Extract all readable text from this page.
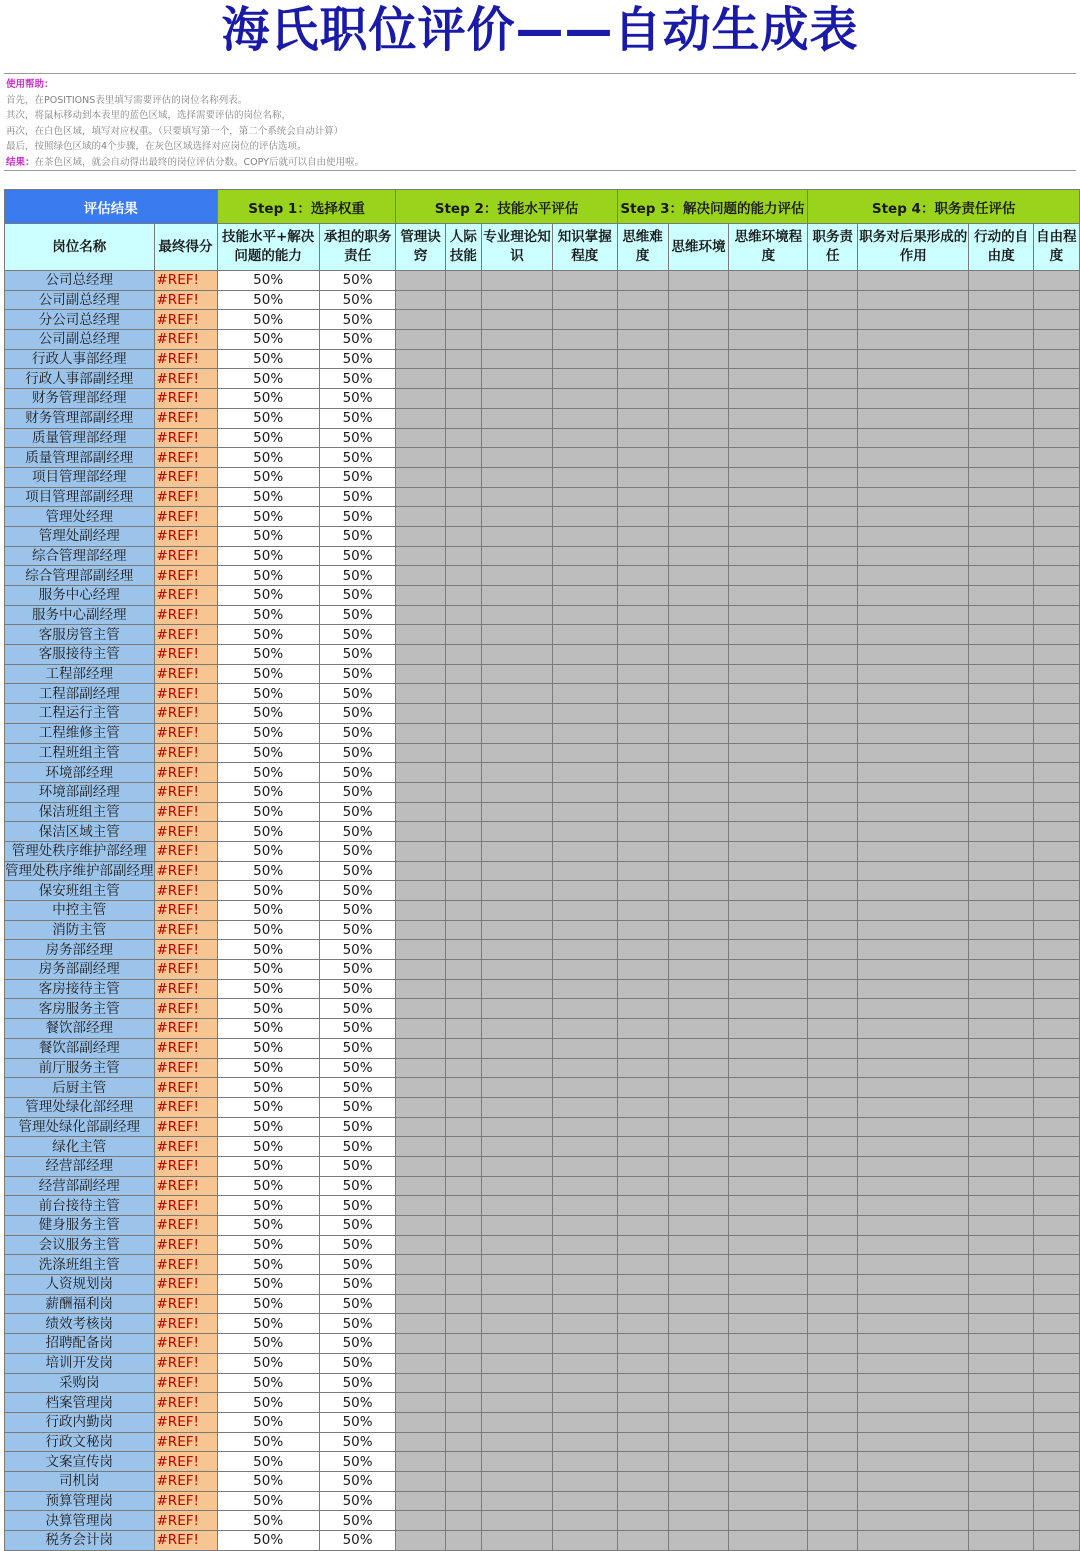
海氏职位评价——自动生成表
使用帮助：
首先，在POSITIONS表里填写需要评估的岗位名称列表。
其次，将鼠标移动到本表里的蓝色区域，选择需要评估的岗位名称，
再次，在白色区域，填写对应权重。（只要填写第一个，第二个系统会自动计算）
最后，按照绿色区域的4个步骤，在灰色区域选择对应岗位的评估选项。
结果：在茶色区域，就会自动得出最终的岗位评估分数。COPY后就可以自由使用啦。
评估结果		Step 1：选择权重		Step 2：技能水平评估				Step 3：解决问题的能力评估			Step 4：职务责任评估			
岗位名称	最终得分	技能水平+解决问题的能力	承担的职务责任	管理诀窍	人际技能	专业理论知识	知识掌握程度	思维难度	思维环境	思维环境程度	职务责任	职务对后果形成的作用	行动的自由度	自由程度
公司总经理	#REF!	50%	50%											
公司副总经理	#REF!	50%	50%											
分公司总经理	#REF!	50%	50%											
公司副总经理	#REF!	50%	50%											
行政人事部经理	#REF!	50%	50%											
行政人事部副经理	#REF!	50%	50%											
财务管理部经理	#REF!	50%	50%											
财务管理部副经理	#REF!	50%	50%											
质量管理部经理	#REF!	50%	50%											
质量管理部副经理	#REF!	50%	50%											
项目管理部经理	#REF!	50%	50%											
项目管理部副经理	#REF!	50%	50%											
管理处经理	#REF!	50%	50%											
管理处副经理	#REF!	50%	50%											
综合管理部经理	#REF!	50%	50%											
综合管理部副经理	#REF!	50%	50%											
服务中心经理	#REF!	50%	50%											
服务中心副经理	#REF!	50%	50%											
客服房管主管	#REF!	50%	50%											
客服接待主管	#REF!	50%	50%											
工程部经理	#REF!	50%	50%											
工程部副经理	#REF!	50%	50%											
工程运行主管	#REF!	50%	50%											
工程维修主管	#REF!	50%	50%											
工程班组主管	#REF!	50%	50%											
环境部经理	#REF!	50%	50%											
环境部副经理	#REF!	50%	50%											
保洁班组主管	#REF!	50%	50%											
保洁区域主管	#REF!	50%	50%											
管理处秩序维护部经理	#REF!	50%	50%											
管理处秩序维护部副经理	#REF!	50%	50%											
保安班组主管	#REF!	50%	50%											
中控主管	#REF!	50%	50%											
消防主管	#REF!	50%	50%											
房务部经理	#REF!	50%	50%											
房务部副经理	#REF!	50%	50%											
客房接待主管	#REF!	50%	50%											
客房服务主管	#REF!	50%	50%											
餐饮部经理	#REF!	50%	50%											
餐饮部副经理	#REF!	50%	50%											
前厅服务主管	#REF!	50%	50%											
后厨主管	#REF!	50%	50%											
管理处绿化部经理	#REF!	50%	50%											
管理处绿化部副经理	#REF!	50%	50%											
绿化主管	#REF!	50%	50%											
经营部经理	#REF!	50%	50%											
经营部副经理	#REF!	50%	50%											
前台接待主管	#REF!	50%	50%											
健身服务主管	#REF!	50%	50%											
会议服务主管	#REF!	50%	50%											
洗涤班组主管	#REF!	50%	50%											
人资规划岗	#REF!	50%	50%											
薪酬福利岗	#REF!	50%	50%											
绩效考核岗	#REF!	50%	50%											
招聘配备岗	#REF!	50%	50%											
培训开发岗	#REF!	50%	50%											
采购岗	#REF!	50%	50%											
档案管理岗	#REF!	50%	50%											
行政内勤岗	#REF!	50%	50%											
行政文秘岗	#REF!	50%	50%											
文案宣传岗	#REF!	50%	50%											
司机岗	#REF!	50%	50%											
预算管理岗	#REF!	50%	50%											
决算管理岗	#REF!	50%	50%											
税务会计岗	#REF!	50%	50%											
